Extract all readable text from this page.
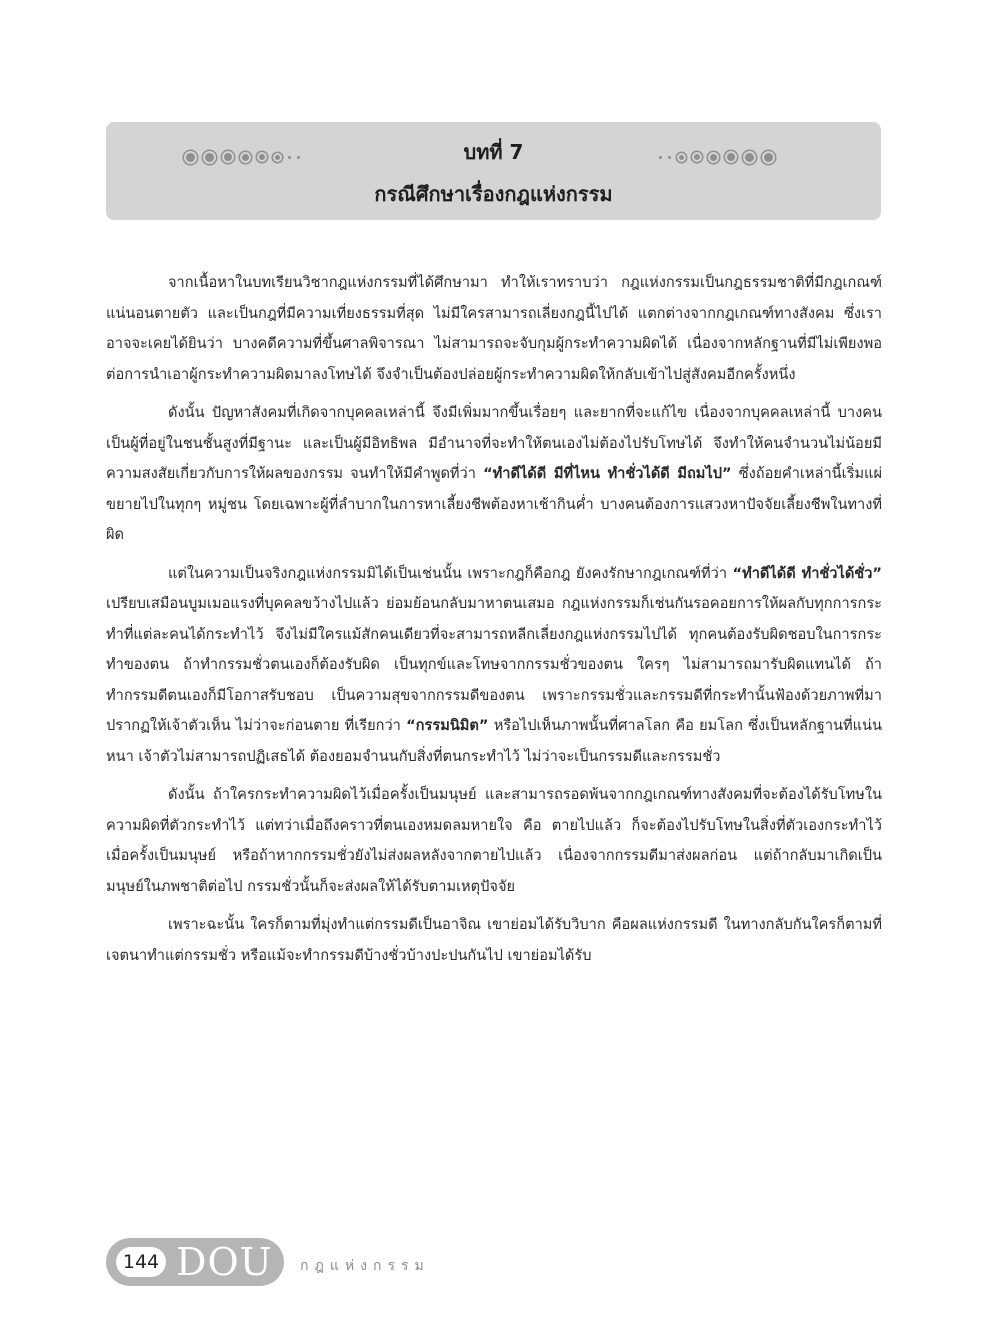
บทที่ 7
กรณีศึกษาเรื่องกฎแห่งกรรม

จากเนื้อหาในบทเรียนวิชากฎแห่งกรรมที่ได้ศึกษามา ทำให้เราทราบว่า กฎแห่งกรรมเป็นกฎธรรมชาติที่มีกฎเกณฑ์แน่นอนตายตัว และเป็นกฎที่มีความเที่ยงธรรมที่สุด ไม่มีใครสามารถเลี่ยงกฎนี้ไปได้ แตกต่างจากกฎเกณฑ์ทางสังคม ซึ่งเราอาจจะเคยได้ยินว่า บางคดีความที่ขึ้นศาลพิจารณา ไม่สามารถจะจับกุมผู้กระทำความผิดได้ เนื่องจากหลักฐานที่มีไม่เพียงพอต่อการนำเอาผู้กระทำความผิดมาลงโทษได้ จึงจำเป็นต้องปล่อยผู้กระทำความผิดให้กลับเข้าไปสู่สังคมอีกครั้งหนึ่ง

ดังนั้น ปัญหาสังคมที่เกิดจากบุคคลเหล่านี้ จึงมีเพิ่มมากขึ้นเรื่อยๆ และยากที่จะแก้ไข เนื่องจากบุคคลเหล่านี้ บางคนเป็นผู้ที่อยู่ในชนชั้นสูงที่มีฐานะ และเป็นผู้มีอิทธิพล มีอำนาจที่จะทำให้ตนเองไม่ต้องไปรับโทษได้ จึงทำให้คนจำนวนไม่น้อยมีความสงสัยเกี่ยวกับการให้ผลของกรรม จนทำให้มีคำพูดที่ว่า “ทำดีได้ดี มีที่ไหน ทำชั่วได้ดี มีถมไป” ซึ่งถ้อยคำเหล่านี้เริ่มแผ่ขยายไปในทุกๆ หมู่ชน โดยเฉพาะผู้ที่ลำบากในการหาเลี้ยงชีพต้องหาเช้ากินค่ำ บางคนต้องการแสวงหาปัจจัยเลี้ยงชีพในทางที่ผิด

แต่ในความเป็นจริงกฎแห่งกรรมมิได้เป็นเช่นนั้น เพราะกฎก็คือกฎ ยังคงรักษากฎเกณฑ์ที่ว่า “ทำดีได้ดี ทำชั่วได้ชั่ว” เปรียบเสมือนบูมเมอแรงที่บุคคลขว้างไปแล้ว ย่อมย้อนกลับมาหาตนเสมอ กฎแห่งกรรมก็เช่นกันรอคอยการให้ผลกับทุกการกระทำที่แต่ละคนได้กระทำไว้ จึงไม่มีใครแม้สักคนเดียวที่จะสามารถหลีกเลี่ยงกฎแห่งกรรมไปได้ ทุกคนต้องรับผิดชอบในการกระทำของตน ถ้าทำกรรมชั่วตนเองก็ต้องรับผิด เป็นทุกข์และโทษจากกรรมชั่วของตน ใครๆ ไม่สามารถมารับผิดแทนได้ ถ้าทำกรรมดีตนเองก็มีโอกาสรับชอบ เป็นความสุขจากกรรมดีของตน เพราะกรรมชั่วและกรรมดีที่กระทำนั้นฟ้องด้วยภาพที่มาปรากฏให้เจ้าตัวเห็น ไม่ว่าจะก่อนตาย ที่เรียกว่า “กรรมนิมิต” หรือไปเห็นภาพนั้นที่ศาลโลก คือ ยมโลก ซึ่งเป็นหลักฐานที่แน่นหนา เจ้าตัวไม่สามารถปฏิเสธได้ ต้องยอมจำนนกับสิ่งที่ตนกระทำไว้ ไม่ว่าจะเป็นกรรมดีและกรรมชั่ว

ดังนั้น ถ้าใครกระทำความผิดไว้เมื่อครั้งเป็นมนุษย์ และสามารถรอดพ้นจากกฎเกณฑ์ทางสังคมที่จะต้องได้รับโทษในความผิดที่ตัวกระทำไว้ แต่ทว่าเมื่อถึงคราวที่ตนเองหมดลมหายใจ คือ ตายไปแล้ว ก็จะต้องไปรับโทษในสิ่งที่ตัวเองกระทำไว้เมื่อครั้งเป็นมนุษย์ หรือถ้าหากกรรมชั่วยังไม่ส่งผลหลังจากตายไปแล้ว เนื่องจากกรรมดีมาส่งผลก่อน แต่ถ้ากลับมาเกิดเป็นมนุษย์ในภพชาติต่อไป กรรมชั่วนั้นก็จะส่งผลให้ได้รับตามเหตุปัจจัย

เพราะฉะนั้น ใครก็ตามที่มุ่งทำแต่กรรมดีเป็นอาจิณ เขาย่อมได้รับวิบาก คือผลแห่งกรรมดี ในทางกลับกันใครก็ตามที่เจตนาทำแต่กรรมชั่ว หรือแม้จะทำกรรมดีบ้างชั่วบ้างปะปนกันไป เขาย่อมได้รับ

144 DOU กฎแห่งกรรม
